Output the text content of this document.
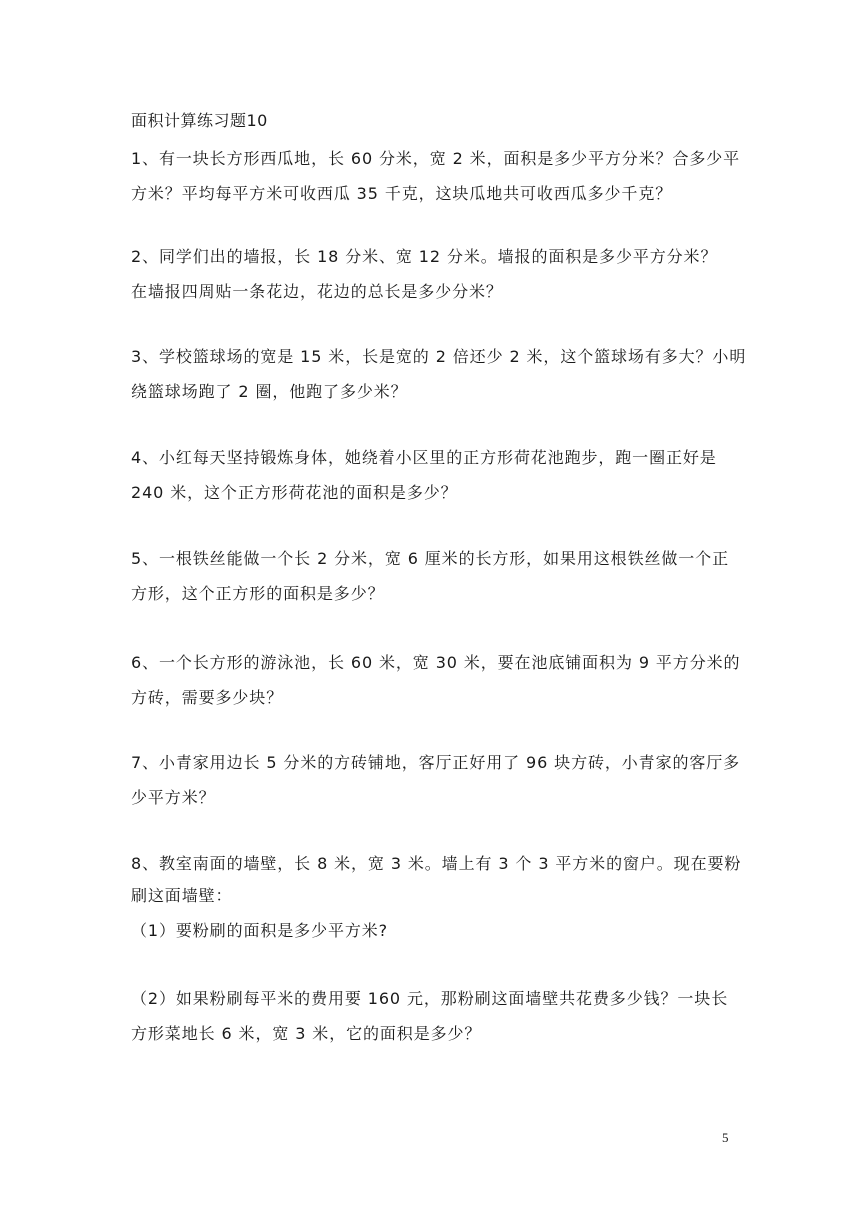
面积计算练习题10
1、有一块长方形西瓜地，长 60 分米，宽 2 米，面积是多少平方分米？合多少平
方米？平均每平方米可收西瓜 35 千克，这块瓜地共可收西瓜多少千克？
2、同学们出的墙报，长 18 分米、宽 12 分米。墙报的面积是多少平方分米？
在墙报四周贴一条花边，花边的总长是多少分米？
3、学校篮球场的宽是 15 米，长是宽的 2 倍还少 2 米，这个篮球场有多大？小明
绕篮球场跑了 2 圈，他跑了多少米？
4、小红每天坚持锻炼身体，她绕着小区里的正方形荷花池跑步，跑一圈正好是
240 米，这个正方形荷花池的面积是多少？
5、一根铁丝能做一个长 2 分米，宽 6 厘米的长方形，如果用这根铁丝做一个正
方形，这个正方形的面积是多少？
6、一个长方形的游泳池，长 60 米，宽 30 米，要在池底铺面积为 9 平方分米的
方砖，需要多少块？
7、小青家用边长 5 分米的方砖铺地，客厅正好用了 96 块方砖，小青家的客厅多
少平方米？
8、教室南面的墙壁，长 8 米，宽 3 米。墙上有 3 个 3 平方米的窗户。现在要粉
刷这面墙壁：
（1）要粉刷的面积是多少平方米?
（2）如果粉刷每平米的费用要 160 元，那粉刷这面墙壁共花费多少钱？一块长
方形菜地长 6 米，宽 3 米，它的面积是多少？
5
